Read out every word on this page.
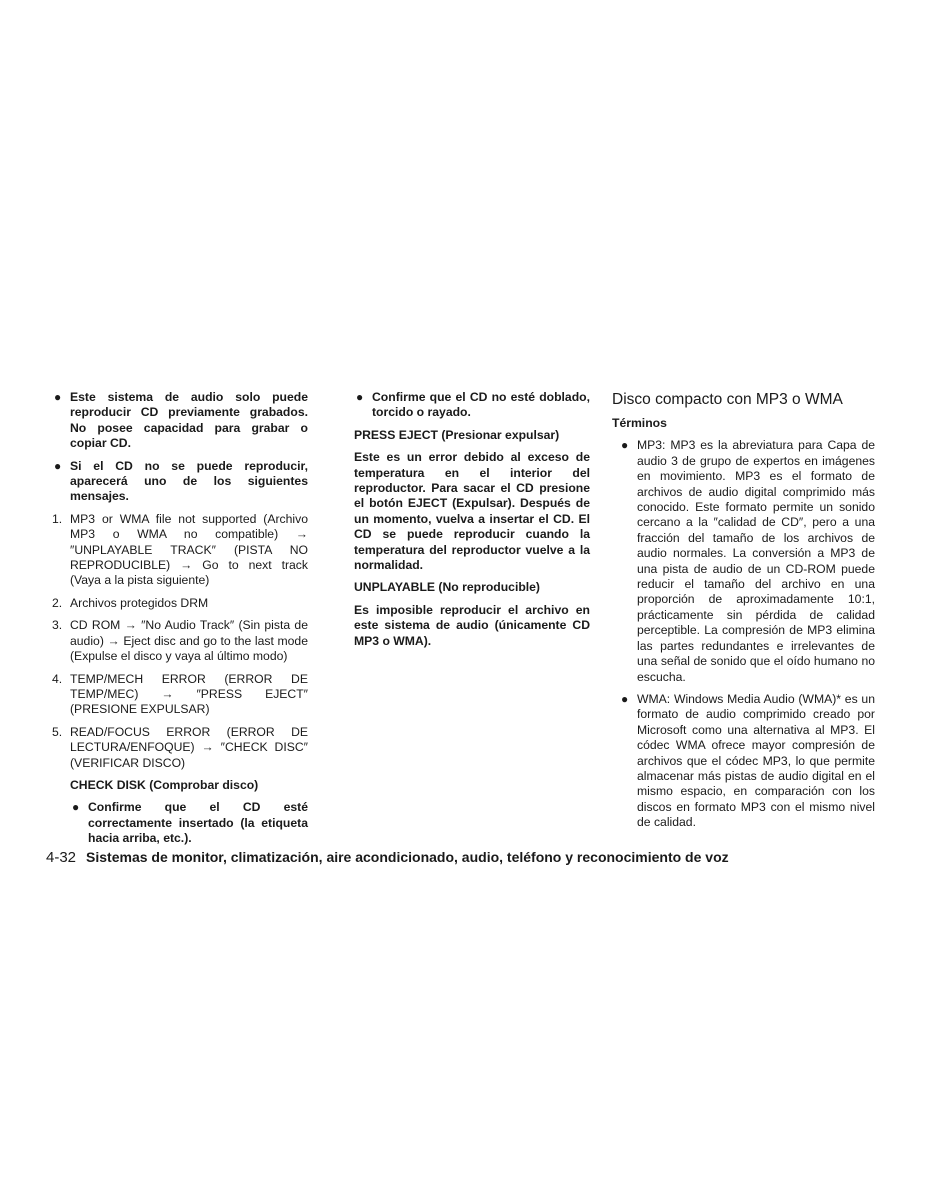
● Este sistema de audio solo puede reproducir CD previamente grabados. No posee capacidad para grabar o copiar CD.
● Si el CD no se puede reproducir, aparecerá uno de los siguientes mensajes.
1. MP3 or WMA file not supported (Archivo MP3 o WMA no compatible) → ″UNPLAYABLE TRACK″ (PISTA NO REPRODUCIBLE) → Go to next track (Vaya a la pista siguiente)
2. Archivos protegidos DRM
3. CD ROM → ″No Audio Track″ (Sin pista de audio) → Eject disc and go to the last mode (Expulse el disco y vaya al último modo)
4. TEMP/MECH ERROR (ERROR DE TEMP/MEC) → ″PRESS EJECT″ (PRESIONE EXPULSAR)
5. READ/FOCUS ERROR (ERROR DE LECTURA/ENFOQUE) → ″CHECK DISC″ (VERIFICAR DISCO)

CHECK DISK (Comprobar disco)

● Confirme que el CD esté correctamente insertado (la etiqueta hacia arriba, etc.).
● Confirme que el CD no esté doblado, torcido o rayado.

PRESS EJECT (Presionar expulsar)

Este es un error debido al exceso de temperatura en el interior del reproductor. Para sacar el CD presione el botón EJECT (Expulsar). Después de un momento, vuelva a insertar el CD. El CD se puede reproducir cuando la temperatura del reproductor vuelve a la normalidad.

UNPLAYABLE (No reproducible)

Es imposible reproducir el archivo en este sistema de audio (únicamente CD MP3 o WMA).

Disco compacto con MP3 o WMA

Términos

● MP3: MP3 es la abreviatura para Capa de audio 3 de grupo de expertos en imágenes en movimiento. MP3 es el formato de archivos de audio digital comprimido más conocido. Este formato permite un sonido cercano a la ″calidad de CD″, pero a una fracción del tamaño de los archivos de audio normales. La conversión a MP3 de una pista de audio de un CD-ROM puede reducir el tamaño del archivo en una proporción de aproximadamente 10:1, prácticamente sin pérdida de calidad perceptible. La compresión de MP3 elimina las partes redundantes e irrelevantes de una señal de sonido que el oído humano no escucha.
● WMA: Windows Media Audio (WMA)* es un formato de audio comprimido creado por Microsoft como una alternativa al MP3. El códec WMA ofrece mayor compresión de archivos que el códec MP3, lo que permite almacenar más pistas de audio digital en el mismo espacio, en comparación con los discos en formato MP3 con el mismo nivel de calidad.
4-32 Sistemas de monitor, climatización, aire acondicionado, audio, teléfono y reconocimiento de voz
